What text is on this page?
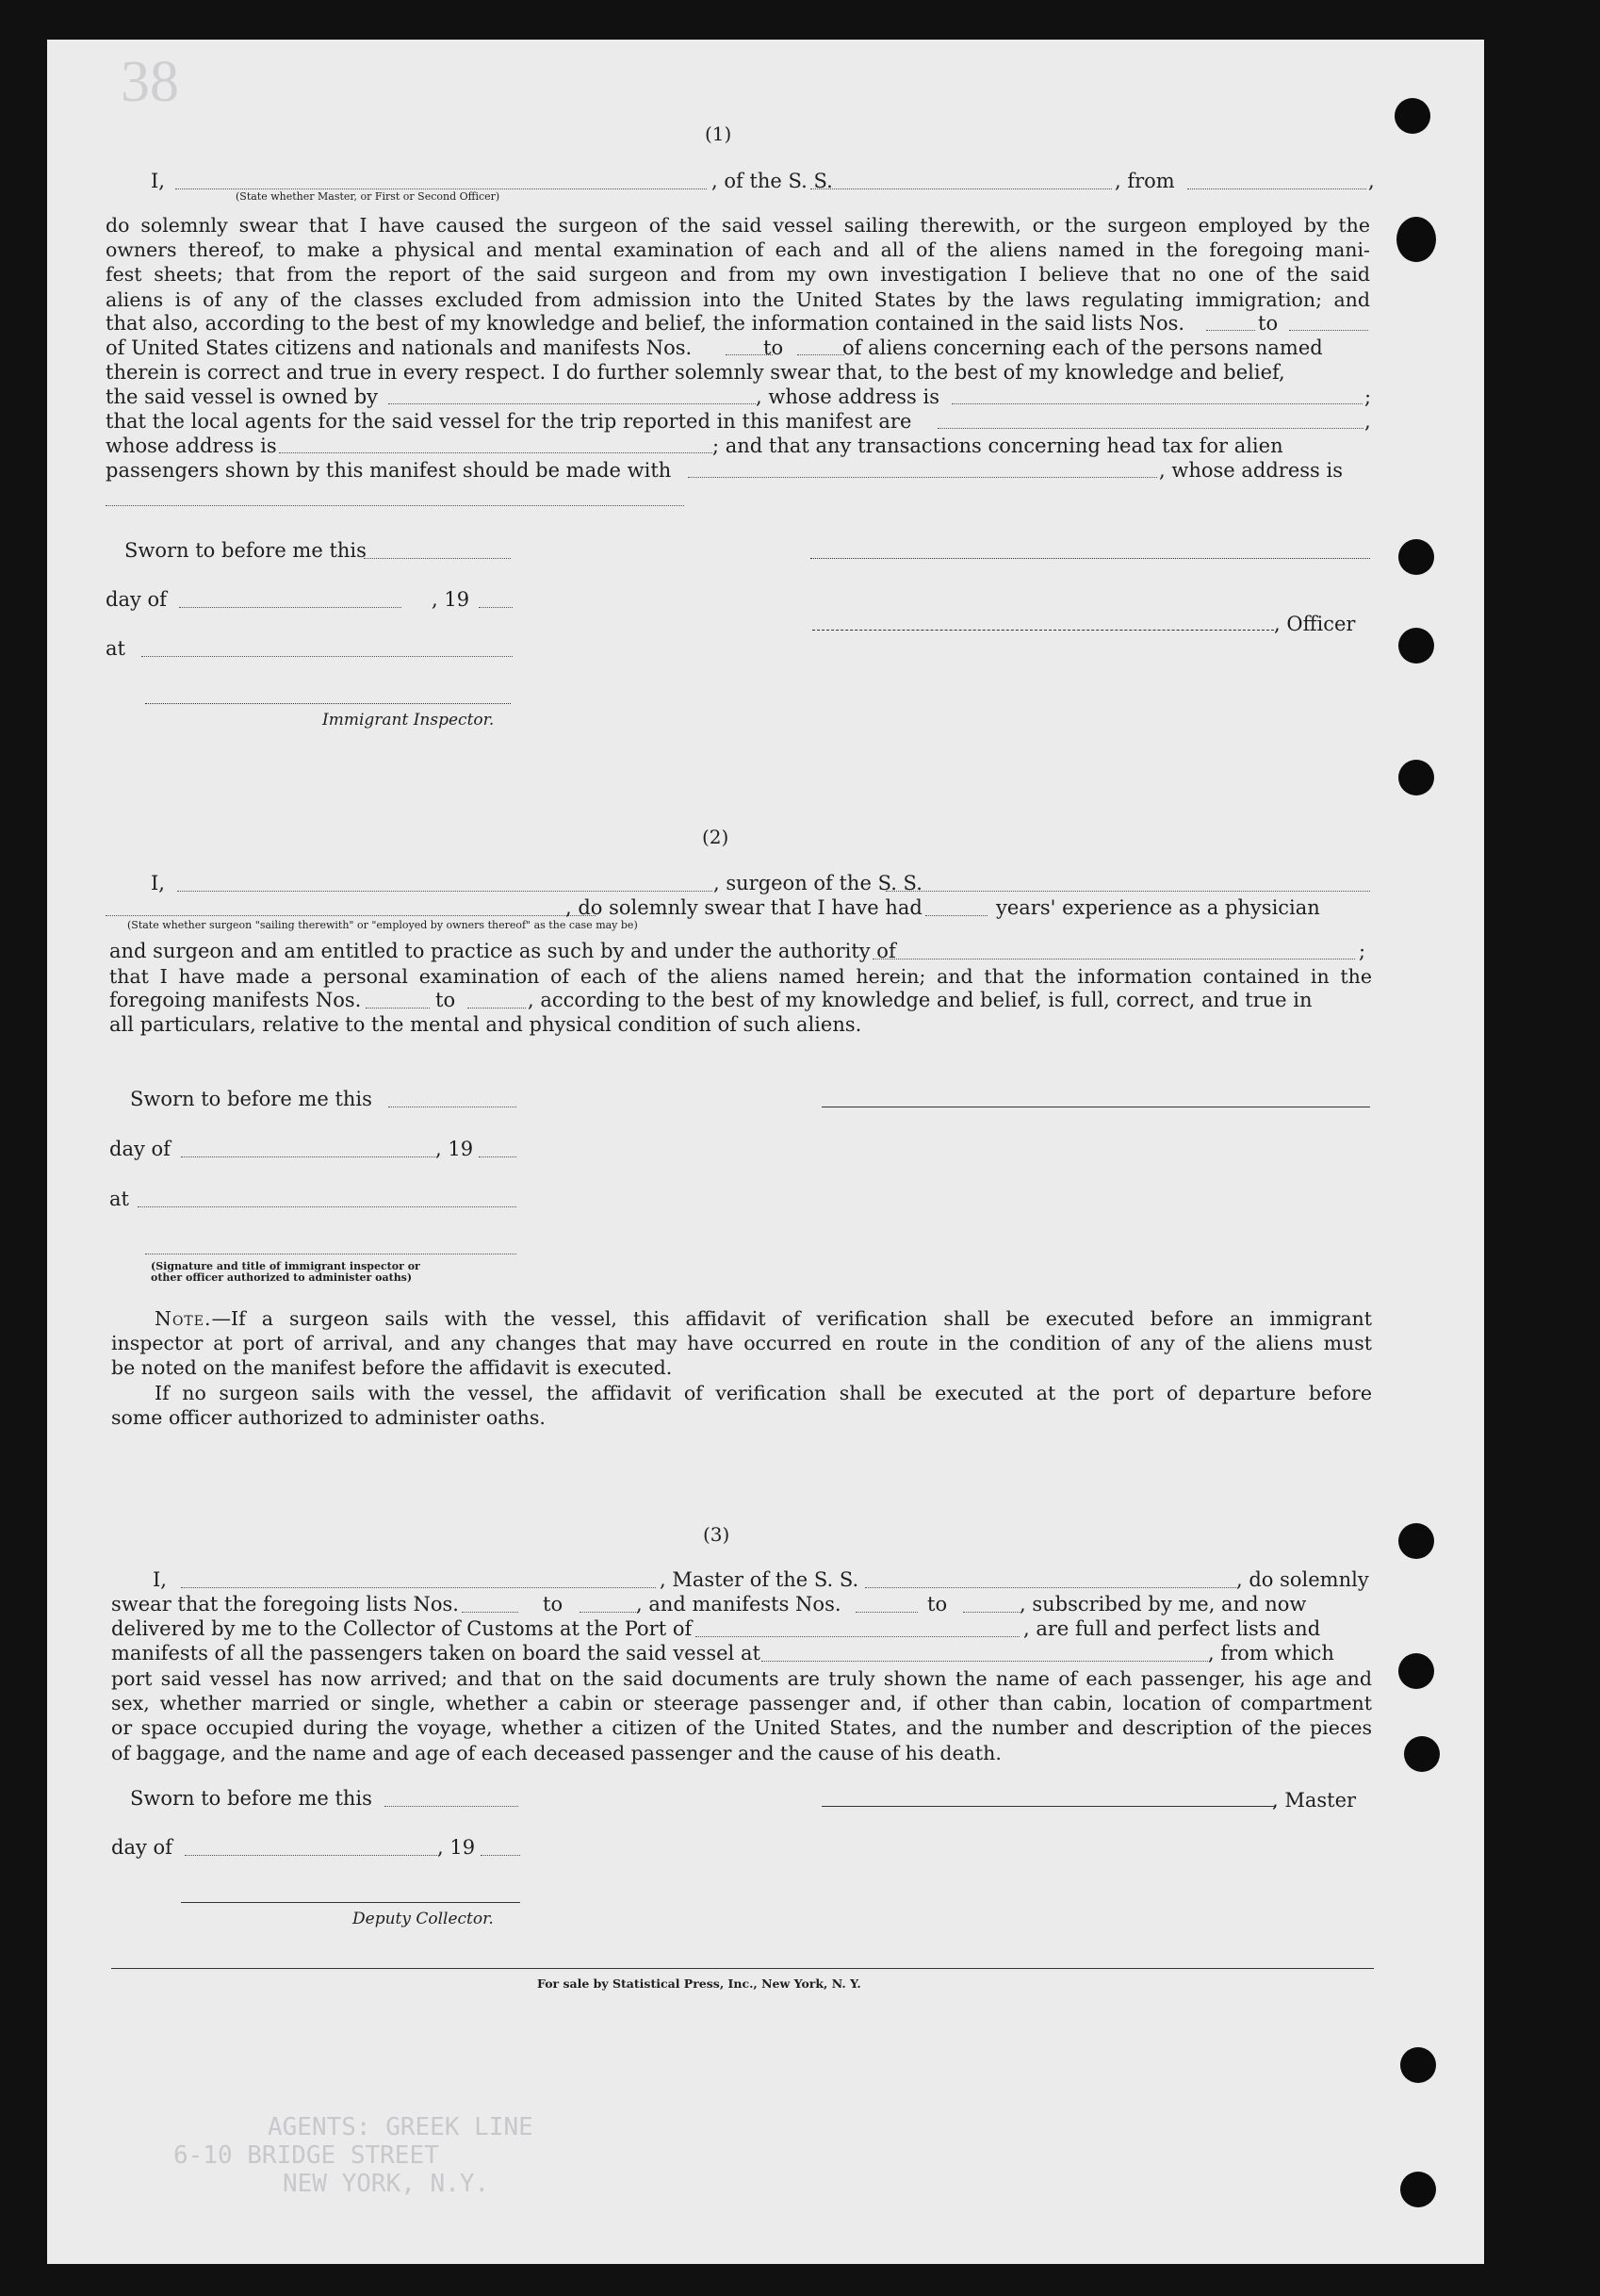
38
(1)
I,	, of the S. S.	, from	,
(State whether Master, or First or Second Officer)
do solemnly swear that I have caused the surgeon of the said vessel sailing therewith, or the surgeon employed by the
owners thereof, to make a physical and mental examination of each and all of the aliens named in the foregoing mani-
fest sheets; that from the report of the said surgeon and from my own investigation I believe that no one of the said
aliens is of any of the classes excluded from admission into the United States by the laws regulating immigration; and
that also, according to the best of my knowledge and belief, the information contained in the said lists Nos.	to
of United States citizens and nationals and manifests Nos.	to	of aliens concerning each of the persons named
therein is correct and true in every respect. I do further solemnly swear that, to the best of my knowledge and belief,
the said vessel is owned by	, whose address is	;
that the local agents for the said vessel for the trip reported in this manifest are	,
whose address is	; and that any transactions concerning head tax for alien
passengers shown by this manifest should be made with	, whose address is
Sworn to before me this
day of	, 19
, Officer
at
Immigrant Inspector.
(2)
I,	, surgeon of the S. S.
, do solemnly swear that I have had	years' experience as a physician
(State whether surgeon "sailing therewith" or "employed by owners thereof" as the case may be)
and surgeon and am entitled to practice as such by and under the authority of	;
that I have made a personal examination of each of the aliens named herein; and that the information contained in the
foregoing manifests Nos.	to	, according to the best of my knowledge and belief, is full, correct, and true in
all particulars, relative to the mental and physical condition of such aliens.
Sworn to before me this
day of	, 19
at
(Signature and title of immigrant inspector or
other officer authorized to administer oaths)
Note.—If a surgeon sails with the vessel, this affidavit of verification shall be executed before an immigrant
inspector at port of arrival, and any changes that may have occurred en route in the condition of any of the aliens must
be noted on the manifest before the affidavit is executed.
If no surgeon sails with the vessel, the affidavit of verification shall be executed at the port of departure before
some officer authorized to administer oaths.
(3)
I,	, Master of the S. S.	, do solemnly
swear that the foregoing lists Nos.	to	, and manifests Nos.	to	, subscribed by me, and now
delivered by me to the Collector of Customs at the Port of	, are full and perfect lists and
manifests of all the passengers taken on board the said vessel at	, from which
port said vessel has now arrived; and that on the said documents are truly shown the name of each passenger, his age and
sex, whether married or single, whether a cabin or steerage passenger and, if other than cabin, location of compartment
or space occupied during the voyage, whether a citizen of the United States, and the number and description of the pieces
of baggage, and the name and age of each deceased passenger and the cause of his death.
Sworn to before me this	, Master
day of	, 19
Deputy Collector.
For sale by Statistical Press, Inc., New York, N. Y.
AGENTS: GREEK LINE
6-10 BRIDGE STREET
NEW YORK, N.Y.
